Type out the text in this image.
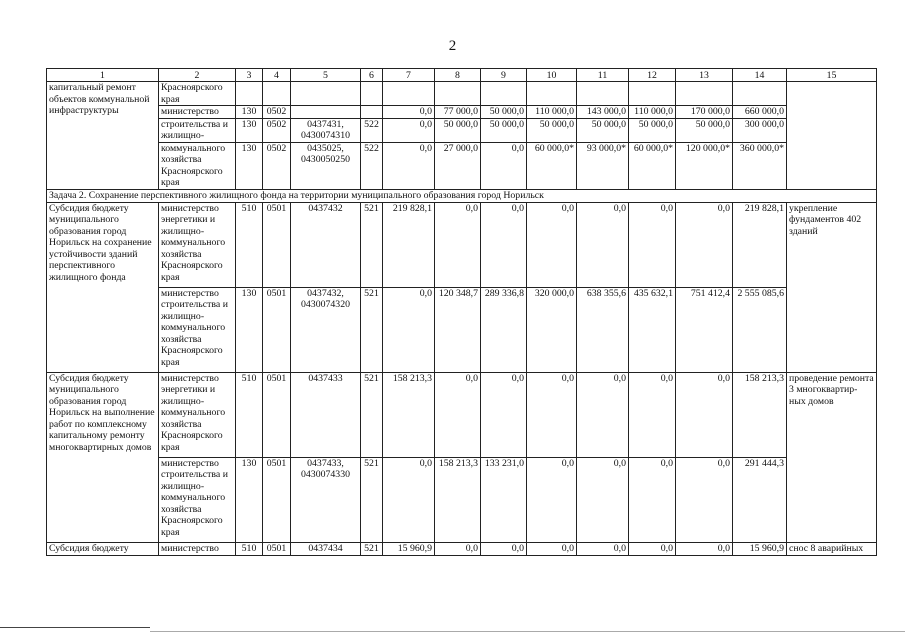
2
1	2	3	4	5	6	7	8	9	10	11	12	13	14	15
капитальный ремонт объектов коммунальной инфраструктуры	Красноярского края													
	министерство	130	0502			0,0	77 000,0	50 000,0	110 000,0	143 000,0	110 000,0	170 000,0	660 000,0	
	строительства и жилищно-	130	0502	0437431, 0430074310	522	0,0	50 000,0	50 000,0	50 000,0	50 000,0	50 000,0	50 000,0	300 000,0	
	коммунального хозяйства Красноярского края	130	0502	0435025, 0430050250	522	0,0	27 000,0	0,0	60 000,0*	93 000,0*	60 000,0*	120 000,0*	360 000,0*	
Задача 2. Сохранение перспективного жилищного фонда на территории муниципального образования город Норильск														
Субсидия бюджету муниципального образования город Норильск на сохранение устойчивости зданий перспективного жилищного фонда	министерство энергетики и жилищно-коммунального хозяйства Красноярского края	510	0501	0437432	521	219 828,1	0,0	0,0	0,0	0,0	0,0	0,0	219 828,1	укрепление фундаментов 402 зданий
	министерство строительства и жилищно-коммунального хозяйства Красноярского края	130	0501	0437432, 0430074320	521	0,0	120 348,7	289 336,8	320 000,0	638 355,6	435 632,1	751 412,4	2 555 085,6	
Субсидия бюджету муниципального образования город Норильск на выполнение работ по комплексному капитальному ремонту многоквартирных домов	министерство энергетики и жилищно-коммунального хозяйства Красноярского края	510	0501	0437433	521	158 213,3	0,0	0,0	0,0	0,0	0,0	0,0	158 213,3	проведение ремонта 3 многоквартир-ных домов
	министерство строительства и жилищно-коммунального хозяйства Красноярского края	130	0501	0437433, 0430074330	521	0,0	158 213,3	133 231,0	0,0	0,0	0,0	0,0	291 444,3	
Субсидия бюджету	министерство	510	0501	0437434	521	15 960,9	0,0	0,0	0,0	0,0	0,0	0,0	15 960,9	снос 8 аварийных
